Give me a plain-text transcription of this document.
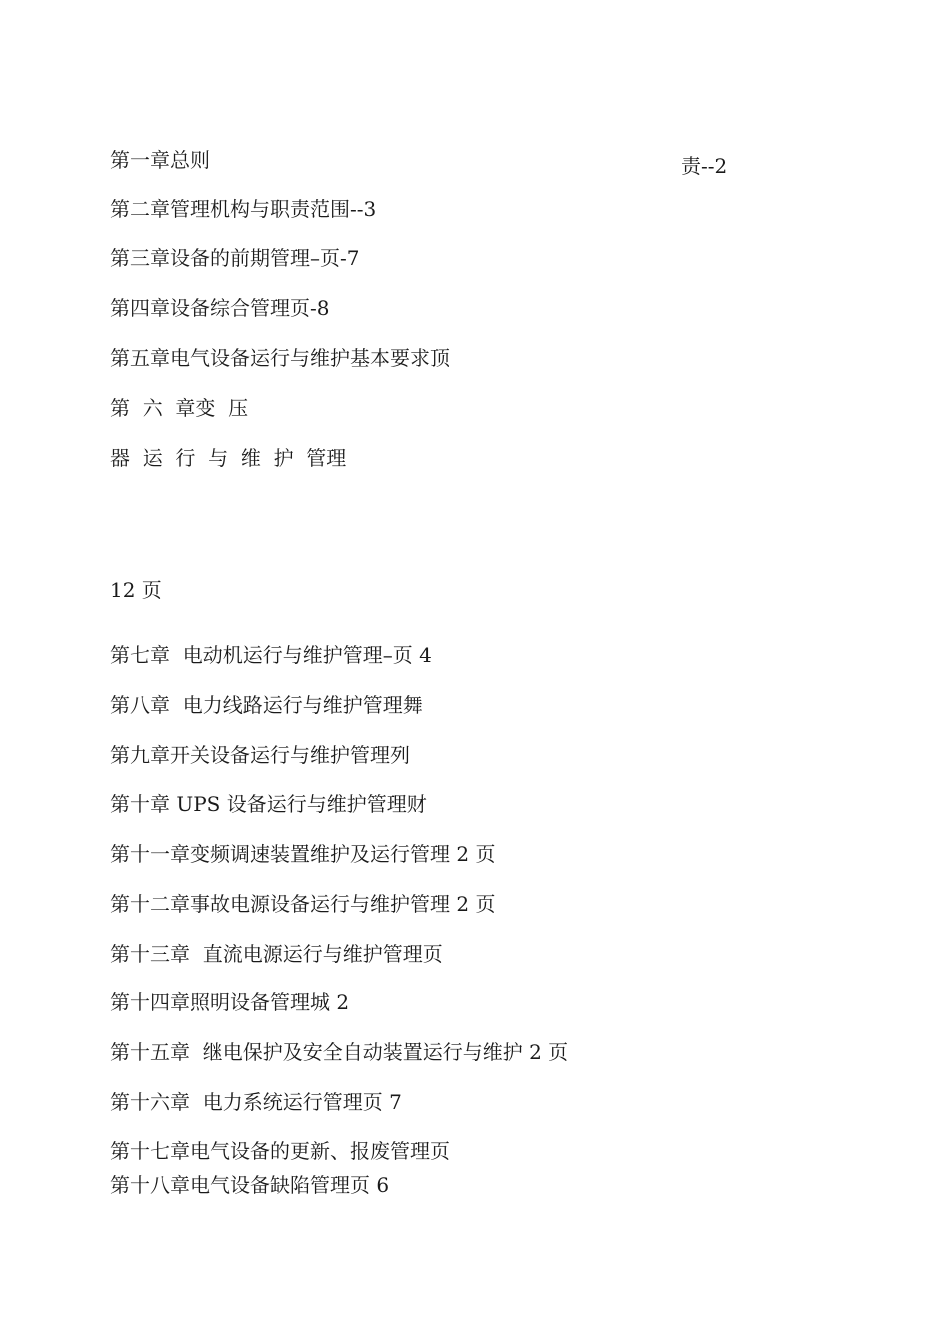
第一章总则	责--2
第二章管理机构与职责范围--3
第三章设备的前期管理–页-7
第四章设备综合管理页-8
第五章电气设备运行与维护基本要求顶
第  六  章变  压
器  运  行  与  维  护  管理
12 页
第七章  电动机运行与维护管理–页 4
第八章  电力线路运行与维护管理舞
第九章开关设备运行与维护管理列
第十章 UPS 设备运行与维护管理财
第十一章变频调速装置维护及运行管理 2 页
第十二章事故电源设备运行与维护管理 2 页
第十三章  直流电源运行与维护管理页
第十四章照明设备管理城 2
第十五章  继电保护及安全自动装置运行与维护 2 页
第十六章  电力系统运行管理页 7
第十七章电气设备的更新、报废管理页
第十八章电气设备缺陷管理页 6
